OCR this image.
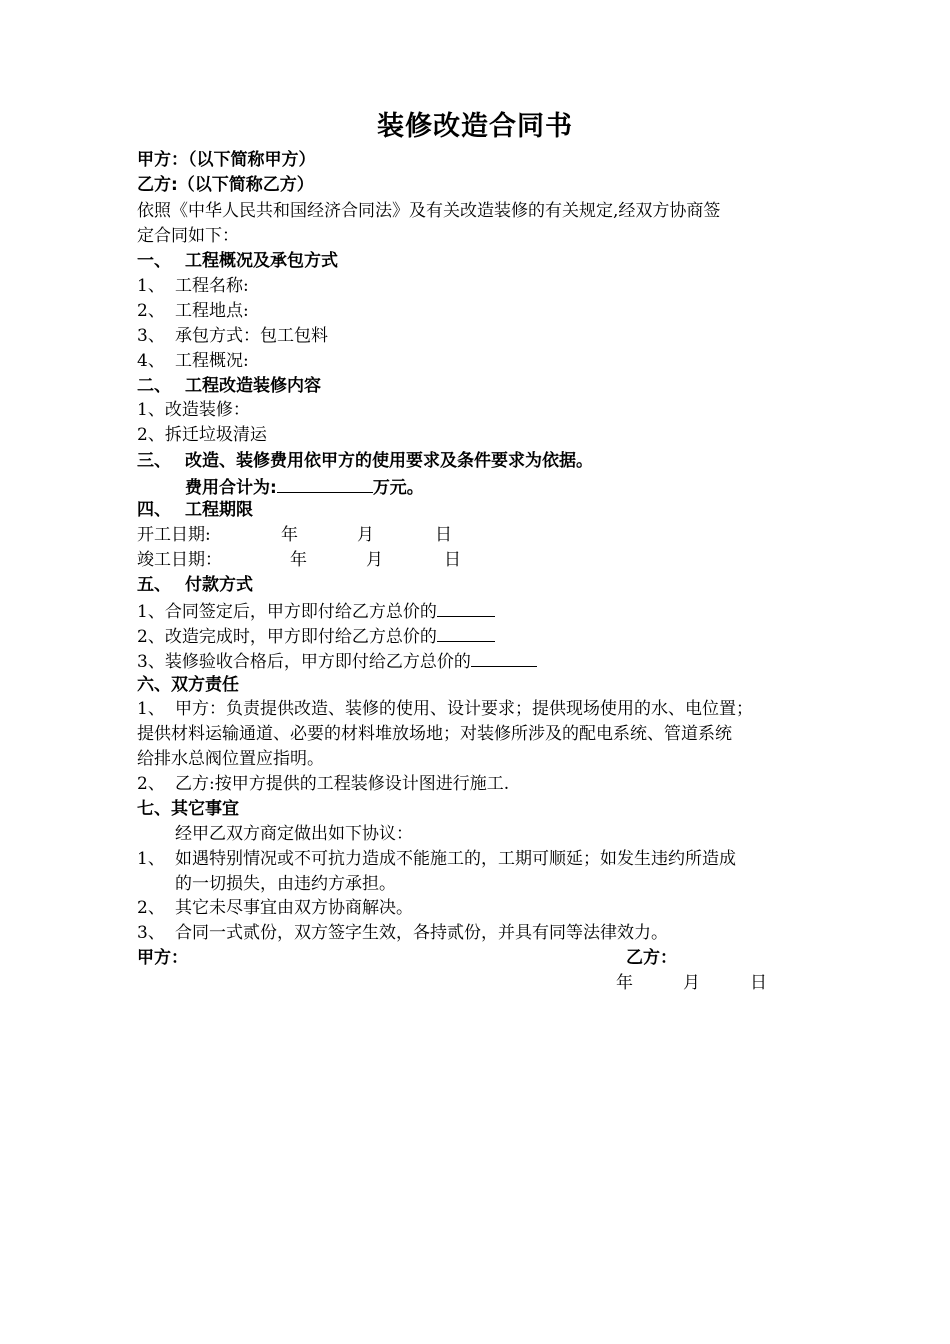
装修改造合同书
甲方：（以下简称甲方）
乙方:（以下简称乙方）
依照《中华人民共和国经济合同法》及有关改造装修的有关规定,经双方协商签
定合同如下：
一、 工程概况及承包方式
1、 工程名称:
2、 工程地点:
3、 承包方式：包工包料
4、 工程概况:
二、 工程改造装修内容
1、改造装修：
2、拆迁垃圾清运
三、 改造、装修费用依甲方的使用要求及条件要求为依据。
费用合计为:	万元。
四、 工程期限
开工日期:	年	月	日
竣工日期：	年	月	日
五、 付款方式
1、合同签定后，甲方即付给乙方总价的
2、改造完成时，甲方即付给乙方总价的
3、装修验收合格后，甲方即付给乙方总价的
六、双方责任
1、 甲方：负责提供改造、装修的使用、设计要求；提供现场使用的水、电位置；
提供材料运输通道、必要的材料堆放场地；对装修所涉及的配电系统、管道系统
给排水总阀位置应指明。
2、 乙方:按甲方提供的工程装修设计图进行施工.
七、其它事宜
经甲乙双方商定做出如下协议：
1、 如遇特别情况或不可抗力造成不能施工的，工期可顺延；如发生违约所造成
的一切损失，由违约方承担。
2、 其它未尽事宜由双方协商解决。
3、 合同一式贰份，双方签字生效，各持贰份，并具有同等法律效力。
甲方：	乙方：
年	月	日
